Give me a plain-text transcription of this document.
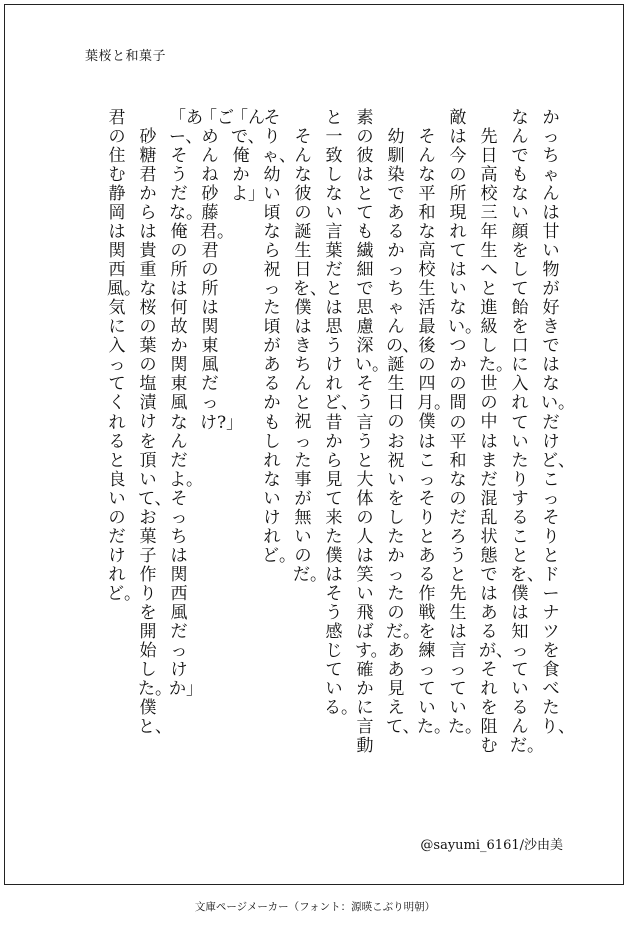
葉桜と和菓子
かっちゃんは甘い物が好きではない。だけど、こっそりとドーナツを食べたり、
なんでもない顔をして飴を口に入れていたりすることを、僕は知っているんだ。
先日高校三年生へと進級した。世の中はまだ混乱状態ではあるが、それを阻む
敵は今の所現れてはいない。つかの間の平和なのだろうと先生は言っていた。
そんな平和な高校生活最後の四月。僕はこっそりとある作戦を練っていた。
幼馴染であるかっちゃんの、誕生日のお祝いをしたかったのだ。ああ見えて、
素の彼はとても繊細で思慮深い。そう言うと大体の人は笑い飛ばす。確かに言動
と一致しない言葉だとは思うけれど、昔から見て来た僕はそう感じている。
そんな彼の誕生日を、僕はきちんと祝った事が無いのだ。
そりゃ、幼い頃なら祝った頃があるかもしれないけれど。
「んで、俺かよ」
「ごめんね砂藤君。君の所は関東風だっけ?」
「あー、そうだな。俺の所は何故か関東風なんだよ。そっちは関西風だっけか」
砂糖君からは貴重な桜の葉の塩漬けを頂いて、お菓子作りを開始した。僕と、
君の住む静岡は関西風。気に入ってくれると良いのだけれど。
@sayumi_6161/沙由美
文庫ページメーカー（フォント：源暎こぶり明朝）
